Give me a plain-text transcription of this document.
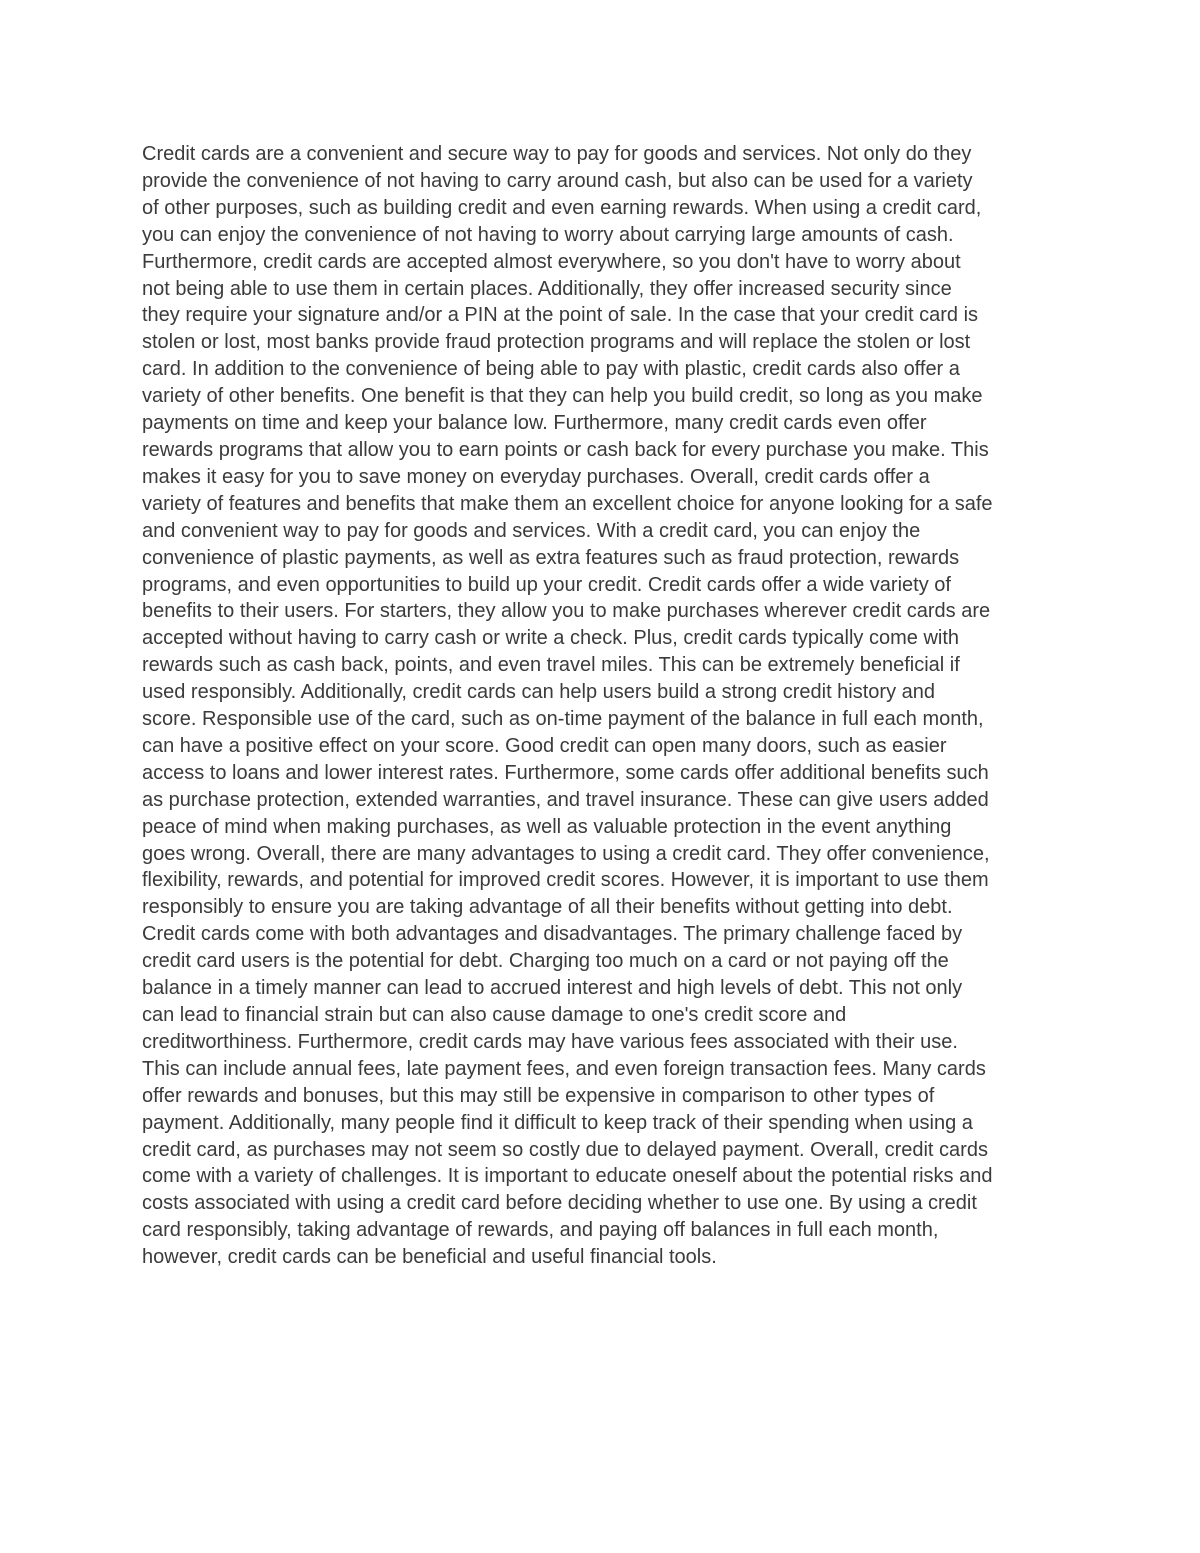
Credit cards are a convenient and secure way to pay for goods and services. Not only do they
provide the convenience of not having to carry around cash, but also can be used for a variety
of other purposes, such as building credit and even earning rewards. When using a credit card,
you can enjoy the convenience of not having to worry about carrying large amounts of cash.
Furthermore, credit cards are accepted almost everywhere, so you don't have to worry about
not being able to use them in certain places. Additionally, they offer increased security since
they require your signature and/or a PIN at the point of sale. In the case that your credit card is
stolen or lost, most banks provide fraud protection programs and will replace the stolen or lost
card. In addition to the convenience of being able to pay with plastic, credit cards also offer a
variety of other benefits. One benefit is that they can help you build credit, so long as you make
payments on time and keep your balance low. Furthermore, many credit cards even offer
rewards programs that allow you to earn points or cash back for every purchase you make. This
makes it easy for you to save money on everyday purchases. Overall, credit cards offer a
variety of features and benefits that make them an excellent choice for anyone looking for a safe
and convenient way to pay for goods and services. With a credit card, you can enjoy the
convenience of plastic payments, as well as extra features such as fraud protection, rewards
programs, and even opportunities to build up your credit. Credit cards offer a wide variety of
benefits to their users. For starters, they allow you to make purchases wherever credit cards are
accepted without having to carry cash or write a check. Plus, credit cards typically come with
rewards such as cash back, points, and even travel miles. This can be extremely beneficial if
used responsibly. Additionally, credit cards can help users build a strong credit history and
score. Responsible use of the card, such as on-time payment of the balance in full each month,
can have a positive effect on your score. Good credit can open many doors, such as easier
access to loans and lower interest rates. Furthermore, some cards offer additional benefits such
as purchase protection, extended warranties, and travel insurance. These can give users added
peace of mind when making purchases, as well as valuable protection in the event anything
goes wrong. Overall, there are many advantages to using a credit card. They offer convenience,
flexibility, rewards, and potential for improved credit scores. However, it is important to use them
responsibly to ensure you are taking advantage of all their benefits without getting into debt.
Credit cards come with both advantages and disadvantages. The primary challenge faced by
credit card users is the potential for debt. Charging too much on a card or not paying off the
balance in a timely manner can lead to accrued interest and high levels of debt. This not only
can lead to financial strain but can also cause damage to one's credit score and
creditworthiness. Furthermore, credit cards may have various fees associated with their use.
This can include annual fees, late payment fees, and even foreign transaction fees. Many cards
offer rewards and bonuses, but this may still be expensive in comparison to other types of
payment. Additionally, many people find it difficult to keep track of their spending when using a
credit card, as purchases may not seem so costly due to delayed payment. Overall, credit cards
come with a variety of challenges. It is important to educate oneself about the potential risks and
costs associated with using a credit card before deciding whether to use one. By using a credit
card responsibly, taking advantage of rewards, and paying off balances in full each month,
however, credit cards can be beneficial and useful financial tools.
